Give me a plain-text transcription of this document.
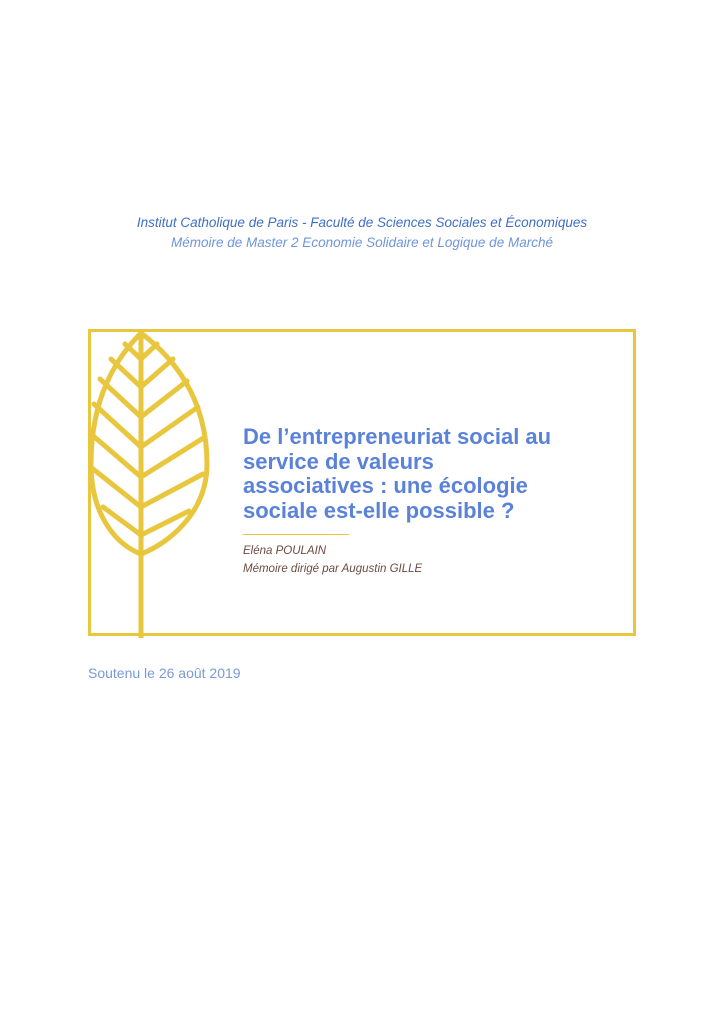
Institut Catholique de Paris - Faculté de Sciences Sociales et Économiques
Mémoire de Master 2 Economie Solidaire et Logique de Marché
De l’entrepreneuriat social au
service de valeurs
associatives : une écologie
sociale est-elle possible ?
Eléna POULAIN
Mémoire dirigé par Augustin GILLE
Soutenu le 26 août 2019
